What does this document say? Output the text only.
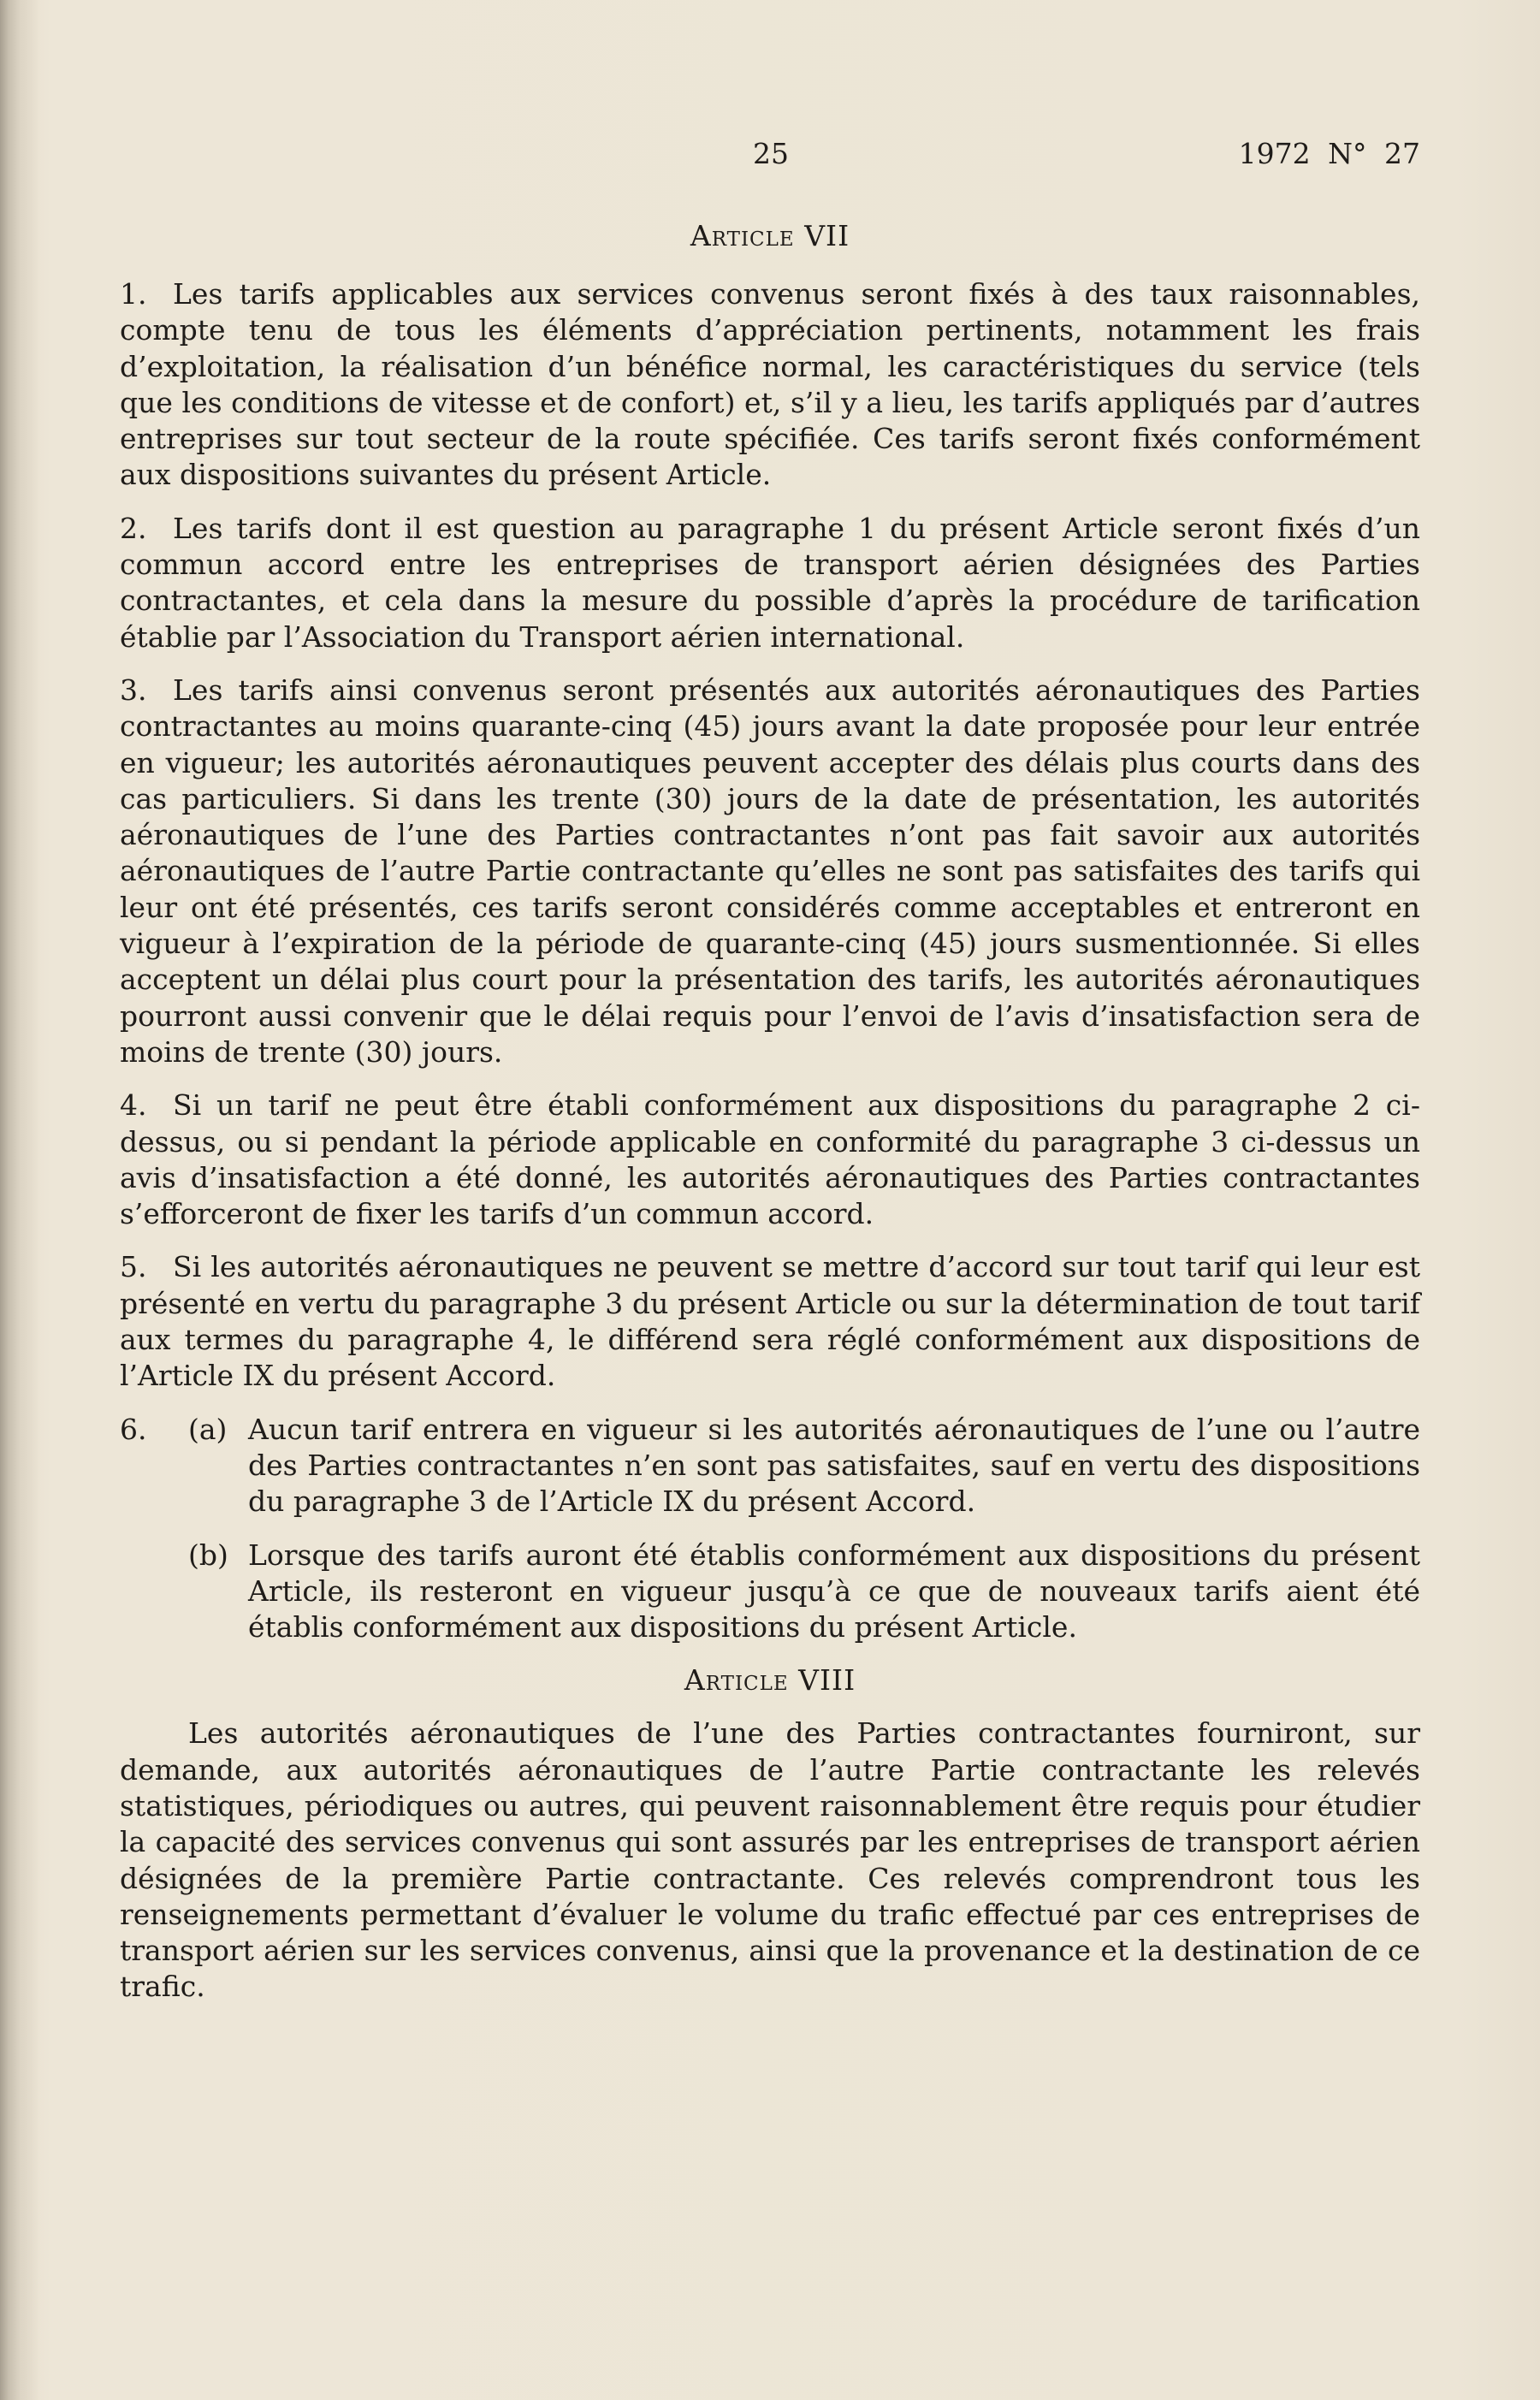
25	1972 N° 27
Article VII

1. Les tarifs applicables aux services convenus seront fixés à des taux raisonnables, compte tenu de tous les éléments d’appréciation pertinents, notamment les frais d’exploitation, la réalisation d’un bénéfice normal, les caractéristiques du service (tels que les conditions de vitesse et de confort) et, s’il y a lieu, les tarifs appliqués par d’autres entreprises sur tout secteur de la route spécifiée. Ces tarifs seront fixés conformément aux dispositions suivantes du présent Article.

2. Les tarifs dont il est question au paragraphe 1 du présent Article seront fixés d’un commun accord entre les entreprises de transport aérien désignées des Parties contractantes, et cela dans la mesure du possible d’après la procédure de tarification établie par l’Association du Transport aérien international.

3. Les tarifs ainsi convenus seront présentés aux autorités aéronautiques des Parties contractantes au moins quarante-cinq (45) jours avant la date proposée pour leur entrée en vigueur; les autorités aéronautiques peuvent accepter des délais plus courts dans des cas particuliers. Si dans les trente (30) jours de la date de présentation, les autorités aéronautiques de l’une des Parties contractantes n’ont pas fait savoir aux autorités aéronautiques de l’autre Partie contractante qu’elles ne sont pas satisfaites des tarifs qui leur ont été présentés, ces tarifs seront considérés comme acceptables et entreront en vigueur à l’expiration de la période de quarante-cinq (45) jours susmentionnée. Si elles acceptent un délai plus court pour la présentation des tarifs, les autorités aéronautiques pourront aussi convenir que le délai requis pour l’envoi de l’avis d’insatisfaction sera de moins de trente (30) jours.

4. Si un tarif ne peut être établi conformément aux dispositions du paragraphe 2 ci-dessus, ou si pendant la période applicable en conformité du paragraphe 3 ci-dessus un avis d’insatisfaction a été donné, les autorités aéronautiques des Parties contractantes s’efforceront de fixer les tarifs d’un commun accord.

5. Si les autorités aéronautiques ne peuvent se mettre d’accord sur tout tarif qui leur est présenté en vertu du paragraphe 3 du présent Article ou sur la détermination de tout tarif aux termes du paragraphe 4, le différend sera réglé conformément aux dispositions de l’Article IX du présent Accord.

6.	(a) Aucun tarif entrera en vigueur si les autorités aéronautiques de l’une ou l’autre des Parties contractantes n’en sont pas satisfaites, sauf en vertu des dispositions du paragraphe 3 de l’Article IX du présent Accord.
(b) Lorsque des tarifs auront été établis conformément aux dispositions du présent Article, ils resteront en vigueur jusqu’à ce que de nouveaux tarifs aient été établis conformément aux dispositions du présent Article.
Article VIII

Les autorités aéronautiques de l’une des Parties contractantes fourniront, sur demande, aux autorités aéronautiques de l’autre Partie contractante les relevés statistiques, périodiques ou autres, qui peuvent raisonnablement être requis pour étudier la capacité des services convenus qui sont assurés par les entreprises de transport aérien désignées de la première Partie contractante. Ces relevés comprendront tous les renseignements permettant d’évaluer le volume du trafic effectué par ces entreprises de transport aérien sur les services convenus, ainsi que la provenance et la destination de ce trafic.
